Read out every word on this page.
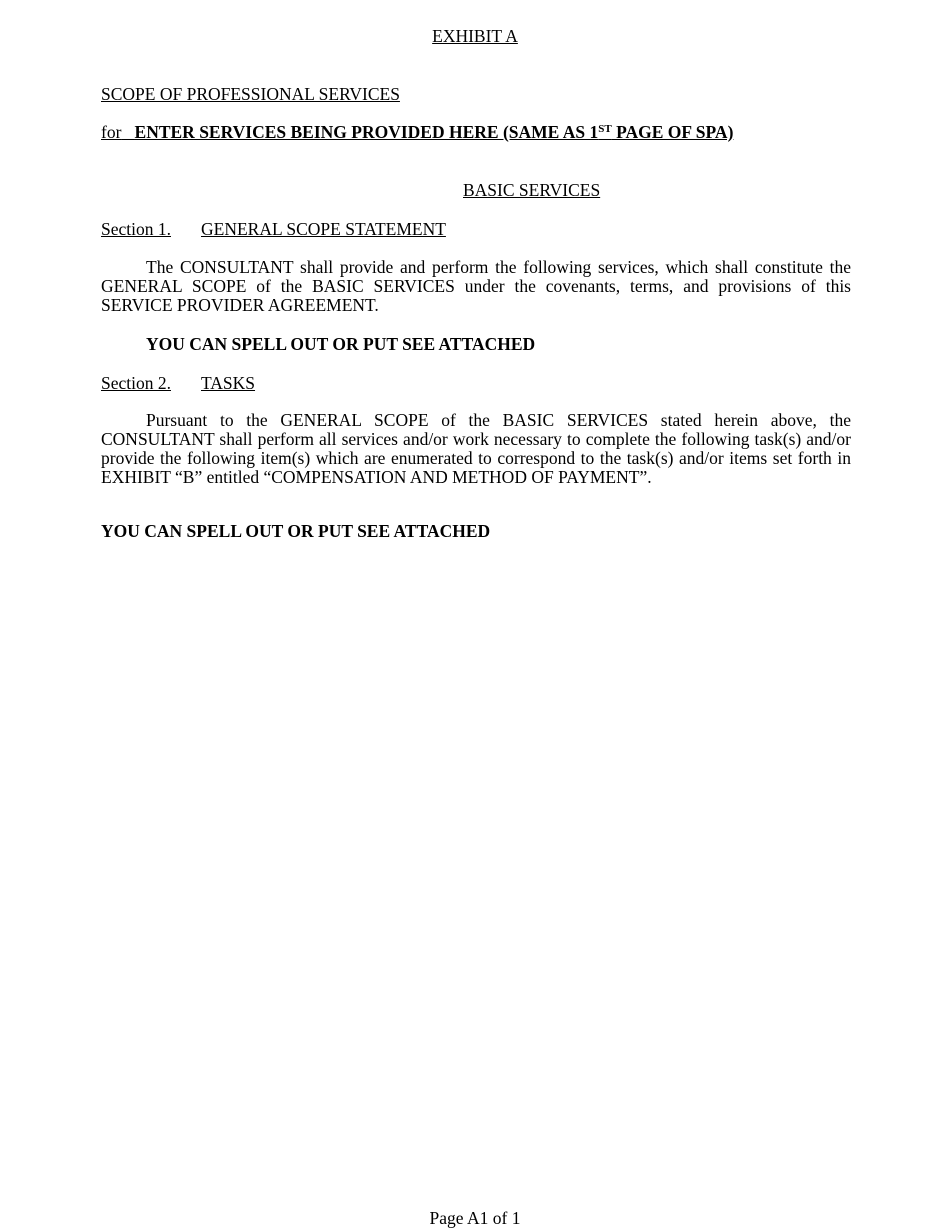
EXHIBIT A
SCOPE OF PROFESSIONAL SERVICES
for ENTER SERVICES BEING PROVIDED HERE (SAME AS 1ST PAGE OF SPA)
BASIC SERVICES
Section 1. GENERAL SCOPE STATEMENT
The CONSULTANT shall provide and perform the following services, which shall constitute the GENERAL SCOPE of the BASIC SERVICES under the covenants, terms, and provisions of this SERVICE PROVIDER AGREEMENT.
YOU CAN SPELL OUT OR PUT SEE ATTACHED
Section 2. TASKS
Pursuant to the GENERAL SCOPE of the BASIC SERVICES stated herein above, the CONSULTANT shall perform all services and/or work necessary to complete the following task(s) and/or provide the following item(s) which are enumerated to correspond to the task(s) and/or items set forth in EXHIBIT “B” entitled “COMPENSATION AND METHOD OF PAYMENT”.
YOU CAN SPELL OUT OR PUT SEE ATTACHED
Page A1 of 1
